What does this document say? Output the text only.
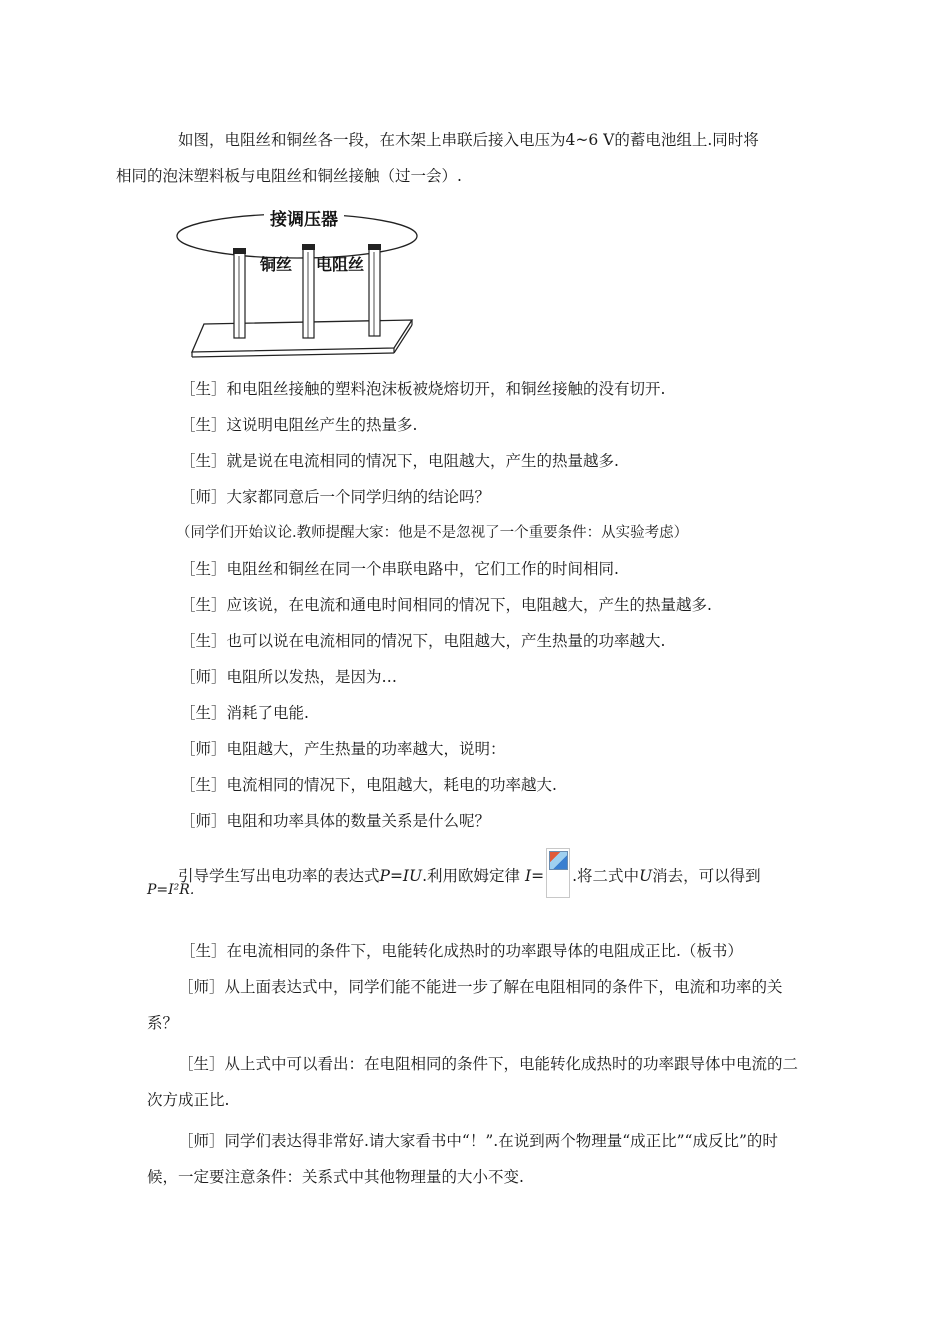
如图，电阻丝和铜丝各一段，在木架上串联后接入电压为4~6 V的蓄电池组上.同时将
相同的泡沫塑料板与电阻丝和铜丝接触（过一会）.

接调压器
铜丝 电阻丝

［生］和电阻丝接触的塑料泡沫板被烧熔切开，和铜丝接触的没有切开.

［生］这说明电阻丝产生的热量多.

［生］就是说在电流相同的情况下，电阻越大，产生的热量越多.

［师］大家都同意后一个同学归纳的结论吗？

（同学们开始议论.教师提醒大家：他是不是忽视了一个重要条件：从实验考虑）

［生］电阻丝和铜丝在同一个串联电路中，它们工作的时间相同.

［生］应该说，在电流和通电时间相同的情况下，电阻越大，产生的热量越多.

［生］也可以说在电流相同的情况下，电阻越大，产生热量的功率越大.

［师］电阻所以发热，是因为…

［生］消耗了电能.

［师］电阻越大，产生热量的功率越大，说明：

［生］电流相同的情况下，电阻越大，耗电的功率越大.

［师］电阻和功率具体的数量关系是什么呢？

引导学生写出电功率的表达式P=IU.利用欧姆定律 I= .将二式中U消去，可以得到

P=I²R.

［生］在电流相同的条件下，电能转化成热时的功率跟导体的电阻成正比.（板书）

［师］从上面表达式中，同学们能不能进一步了解在电阻相同的条件下，电流和功率的关系？

［生］从上式中可以看出：在电阻相同的条件下，电能转化成热时的功率跟导体中电流的二次方成正比.

［师］同学们表达得非常好.请大家看书中“！”.在说到两个物理量“成正比”“成反比”的时候，一定要注意条件：关系式中其他物理量的大小不变.
